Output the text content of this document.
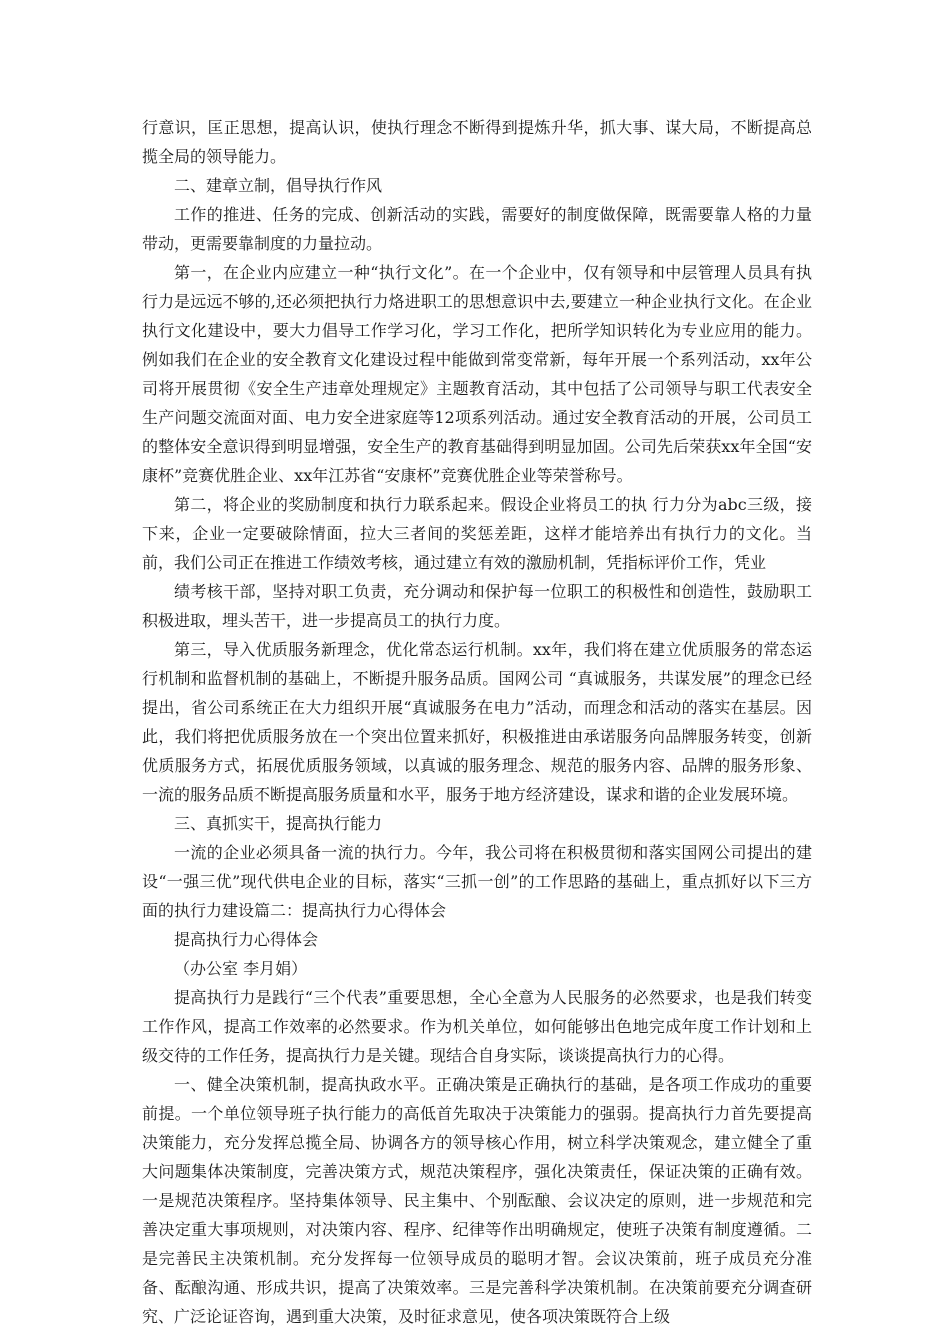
行意识，匡正思想，提高认识，使执行理念不断得到提炼升华，抓大事、谋大局，不断提高总揽全局的领导能力。

二、建章立制，倡导执行作风

工作的推进、任务的完成、创新活动的实践，需要好的制度做保障，既需要靠人格的力量带动，更需要靠制度的力量拉动。

第一，在企业内应建立一种“执行文化”。在一个企业中，仅有领导和中层管理人员具有执行力是远远不够的,还必须把执行力烙进职工的思想意识中去,要建立一种企业执行文化。在企业执行文化建设中，要大力倡导工作学习化，学习工作化，把所学知识转化为专业应用的能力。例如我们在企业的安全教育文化建设过程中能做到常变常新，每年开展一个系列活动，xx年公司将开展贯彻《安全生产违章处理规定》主题教育活动，其中包括了公司领导与职工代表安全生产问题交流面对面、电力安全进家庭等12项系列活动。通过安全教育活动的开展，公司员工的整体安全意识得到明显增强，安全生产的教育基础得到明显加固。公司先后荣获xx年全国“安康杯”竞赛优胜企业、xx年江苏省“安康杯”竞赛优胜企业等荣誉称号。

第二，将企业的奖励制度和执行力联系起来。假设企业将员工的执 行力分为abc三级，接下来，企业一定要破除情面，拉大三者间的奖惩差距，这样才能培养出有执行力的文化。当前，我们公司正在推进工作绩效考核，通过建立有效的激励机制，凭指标评价工作，凭业

绩考核干部，坚持对职工负责，充分调动和保护每一位职工的积极性和创造性，鼓励职工积极进取，埋头苦干，进一步提高员工的执行力度。

第三，导入优质服务新理念，优化常态运行机制。xx年，我们将在建立优质服务的常态运行机制和监督机制的基础上，不断提升服务品质。国网公司 “真诚服务，共谋发展”的理念已经提出，省公司系统正在大力组织开展“真诚服务在电力”活动，而理念和活动的落实在基层。因此，我们将把优质服务放在一个突出位置来抓好，积极推进由承诺服务向品牌服务转变，创新优质服务方式，拓展优质服务领域，以真诚的服务理念、规范的服务内容、品牌的服务形象、一流的服务品质不断提高服务质量和水平，服务于地方经济建设，谋求和谐的企业发展环境。

三、真抓实干，提高执行能力

一流的企业必须具备一流的执行力。今年，我公司将在积极贯彻和落实国网公司提出的建设“一强三优”现代供电企业的目标，落实“三抓一创”的工作思路的基础上，重点抓好以下三方面的执行力建设篇二：提高执行力心得体会

提高执行力心得体会

（办公室 李月娟）

提高执行力是践行“三个代表”重要思想，全心全意为人民服务的必然要求，也是我们转变工作作风，提高工作效率的必然要求。作为机关单位，如何能够出色地完成年度工作计划和上级交待的工作任务，提高执行力是关键。现结合自身实际，谈谈提高执行力的心得。

一、健全决策机制，提高执政水平。正确决策是正确执行的基础，是各项工作成功的重要前提。一个单位领导班子执行能力的高低首先取决于决策能力的强弱。提高执行力首先要提高决策能力，充分发挥总揽全局、协调各方的领导核心作用，树立科学决策观念，建立健全了重大问题集体决策制度，完善决策方式，规范决策程序，强化决策责任，保证决策的正确有效。一是规范决策程序。坚持集体领导、民主集中、个别酝酿、会议决定的原则，进一步规范和完善决定重大事项规则，对决策内容、程序、纪律等作出明确规定，使班子决策有制度遵循。二是完善民主决策机制。充分发挥每一位领导成员的聪明才智。会议决策前，班子成员充分准备、酝酿沟通、形成共识，提高了决策效率。三是完善科学决策机制。在决策前要充分调查研究、广泛论证咨询，遇到重大决策，及时征求意见，使各项决策既符合上级
